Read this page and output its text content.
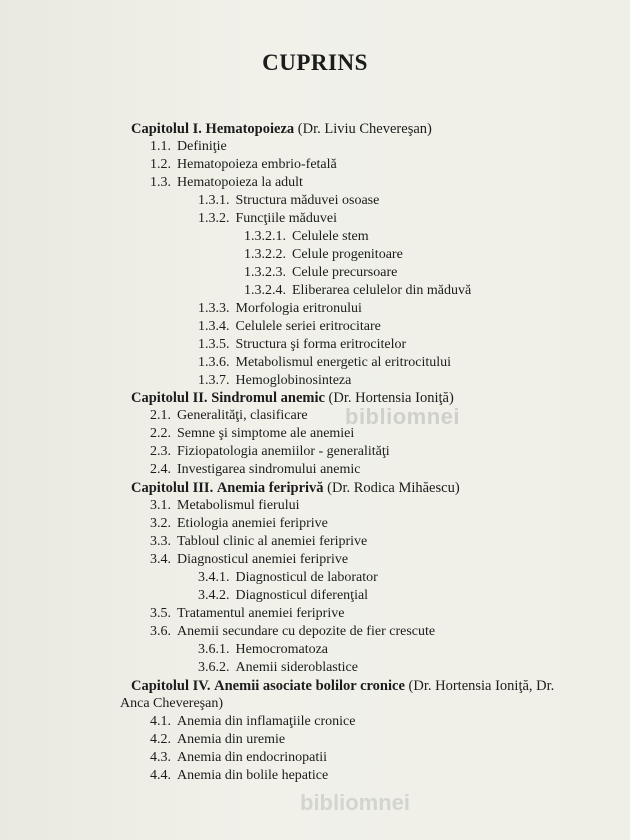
CUPRINS
Capitolul I. Hematopoieza (Dr. Liviu Chevereşan)
1.1. Definiţie
1.2. Hematopoieza embrio-fetală
1.3. Hematopoieza la adult
1.3.1. Structura măduvei osoase
1.3.2. Funcţiile măduvei
1.3.2.1. Celulele stem
1.3.2.2. Celule progenitoare
1.3.2.3. Celule precursoare
1.3.2.4. Eliberarea celulelor din măduvă
1.3.3. Morfologia eritronului
1.3.4. Celulele seriei eritrocitare
1.3.5. Structura şi forma eritrocitelor
1.3.6. Metabolismul energetic al eritrocitului
1.3.7. Hemoglobinosinteza
Capitolul II. Sindromul anemic (Dr. Hortensia Ioniţă)
2.1. Generalităţi, clasificare
2.2. Semne şi simptome ale anemiei
2.3. Fiziopatologia anemiilor - generalităţi
2.4. Investigarea sindromului anemic
Capitolul III. Anemia feriprivă (Dr. Rodica Mihăescu)
3.1. Metabolismul fierului
3.2. Etiologia anemiei feriprive
3.3. Tabloul clinic al anemiei feriprive
3.4. Diagnosticul anemiei feriprive
3.4.1. Diagnosticul de laborator
3.4.2. Diagnosticul diferenţial
3.5. Tratamentul anemiei feriprive
3.6. Anemii secundare cu depozite de fier crescute
3.6.1. Hemocromatoza
3.6.2. Anemii sideroblastice
Capitolul IV. Anemii asociate bolilor cronice (Dr. Hortensia Ioniţă, Dr.
Anca Chevereşan)
4.1. Anemia din inflamaţiile cronice
4.2. Anemia din uremie
4.3. Anemia din endocrinopatii
4.4. Anemia din bolile hepatice
bibliomnei
bibliomnei
